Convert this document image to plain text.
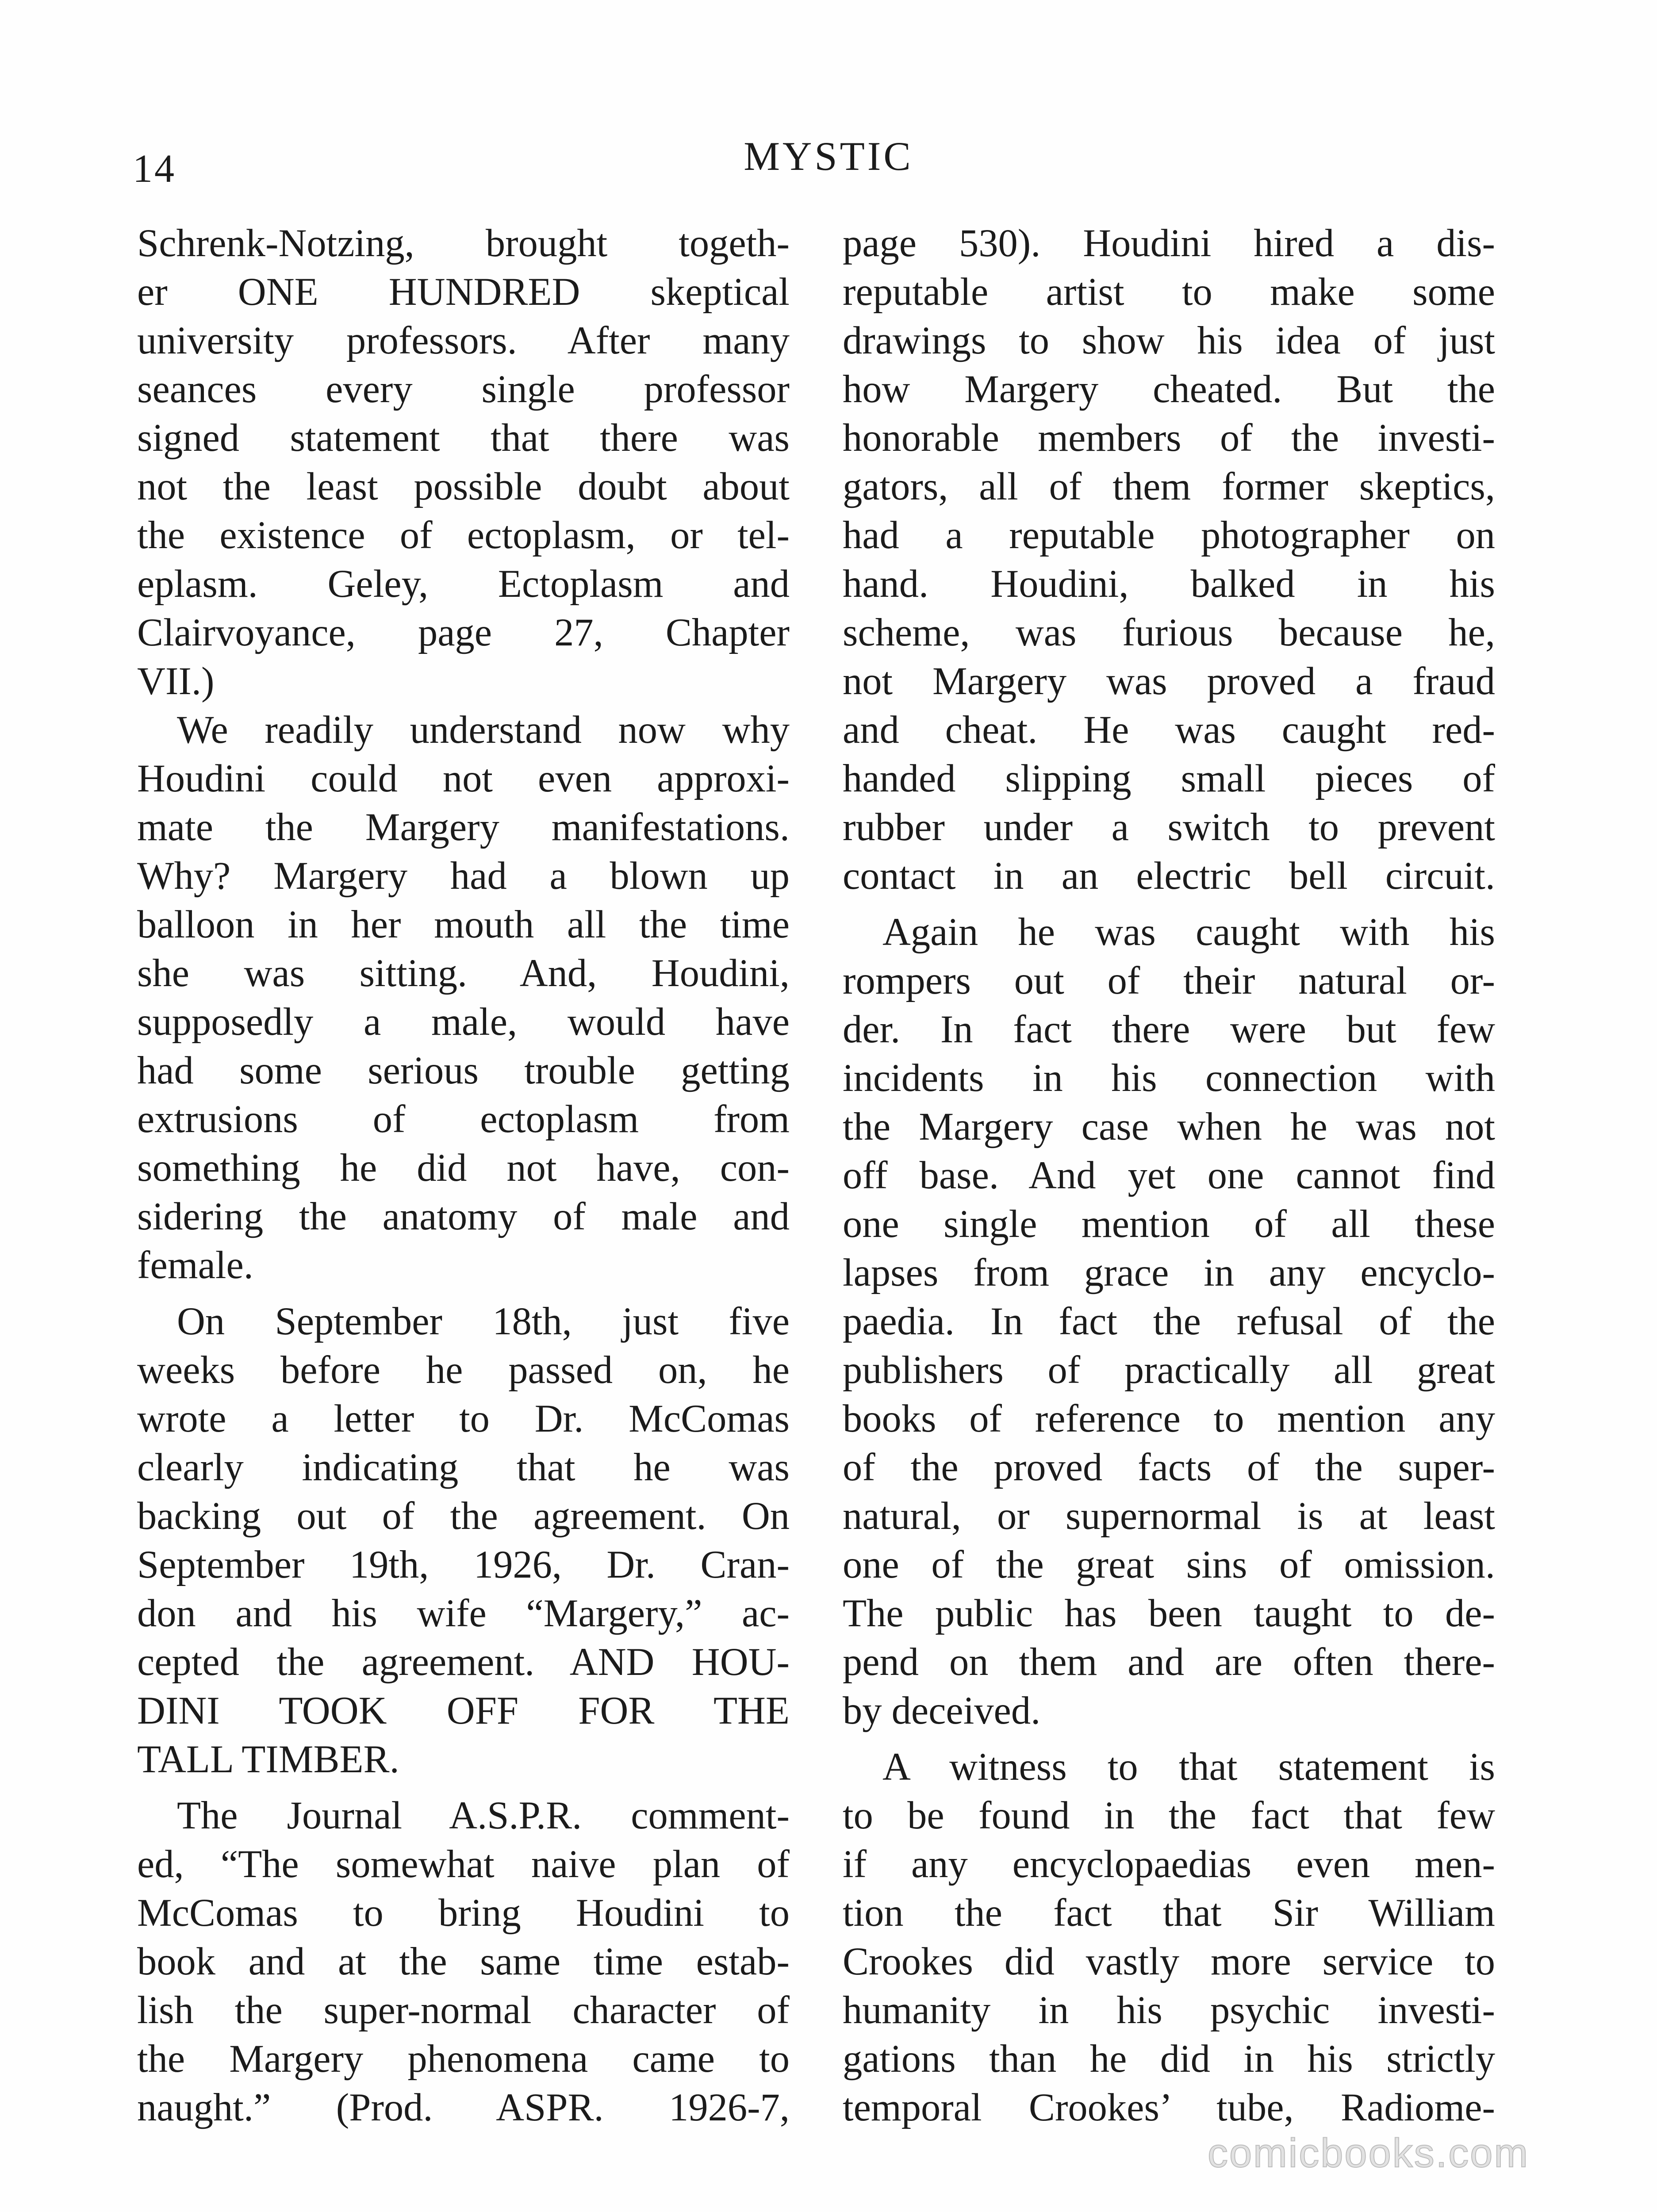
14	MYSTIC
Schrenk-Notzing, brought togeth-
er ONE HUNDRED skeptical
university professors. After many
seances every single professor
signed statement that there was
not the least possible doubt about
the existence of ectoplasm, or tel-
eplasm. Geley, Ectoplasm and
Clairvoyance, page 27, Chapter
VII.)
We readily understand now why
Houdini could not even approxi-
mate the Margery manifestations.
Why? Margery had a blown up
balloon in her mouth all the time
she was sitting. And, Houdini,
supposedly a male, would have
had some serious trouble getting
extrusions of ectoplasm from
something he did not have, con-
sidering the anatomy of male and
female.
On September 18th, just five
weeks before he passed on, he
wrote a letter to Dr. McComas
clearly indicating that he was
backing out of the agreement. On
September 19th, 1926, Dr. Cran-
don and his wife “Margery,” ac-
cepted the agreement. AND HOU-
DINI TOOK OFF FOR THE
TALL TIMBER.
The Journal A.S.P.R. comment-
ed, “The somewhat naive plan of
McComas to bring Houdini to
book and at the same time estab-
lish the super-normal character of
the Margery phenomena came to
naught.” (Prod. ASPR. 1926-7,
page 530). Houdini hired a dis-
reputable artist to make some
drawings to show his idea of just
how Margery cheated. But the
honorable members of the investi-
gators, all of them former skeptics,
had a reputable photographer on
hand. Houdini, balked in his
scheme, was furious because he,
not Margery was proved a fraud
and cheat. He was caught red-
handed slipping small pieces of
rubber under a switch to prevent
contact in an electric bell circuit.
Again he was caught with his
rompers out of their natural or-
der. In fact there were but few
incidents in his connection with
the Margery case when he was not
off base. And yet one cannot find
one single mention of all these
lapses from grace in any encyclo-
paedia. In fact the refusal of the
publishers of practically all great
books of reference to mention any
of the proved facts of the super-
natural, or supernormal is at least
one of the great sins of omission.
The public has been taught to de-
pend on them and are often there-
by deceived.
A witness to that statement is
to be found in the fact that few
if any encyclopaedias even men-
tion the fact that Sir William
Crookes did vastly more service to
humanity in his psychic investi-
gations than he did in his strictly
temporal Crookes’ tube, Radiome-
comicbooks.com
